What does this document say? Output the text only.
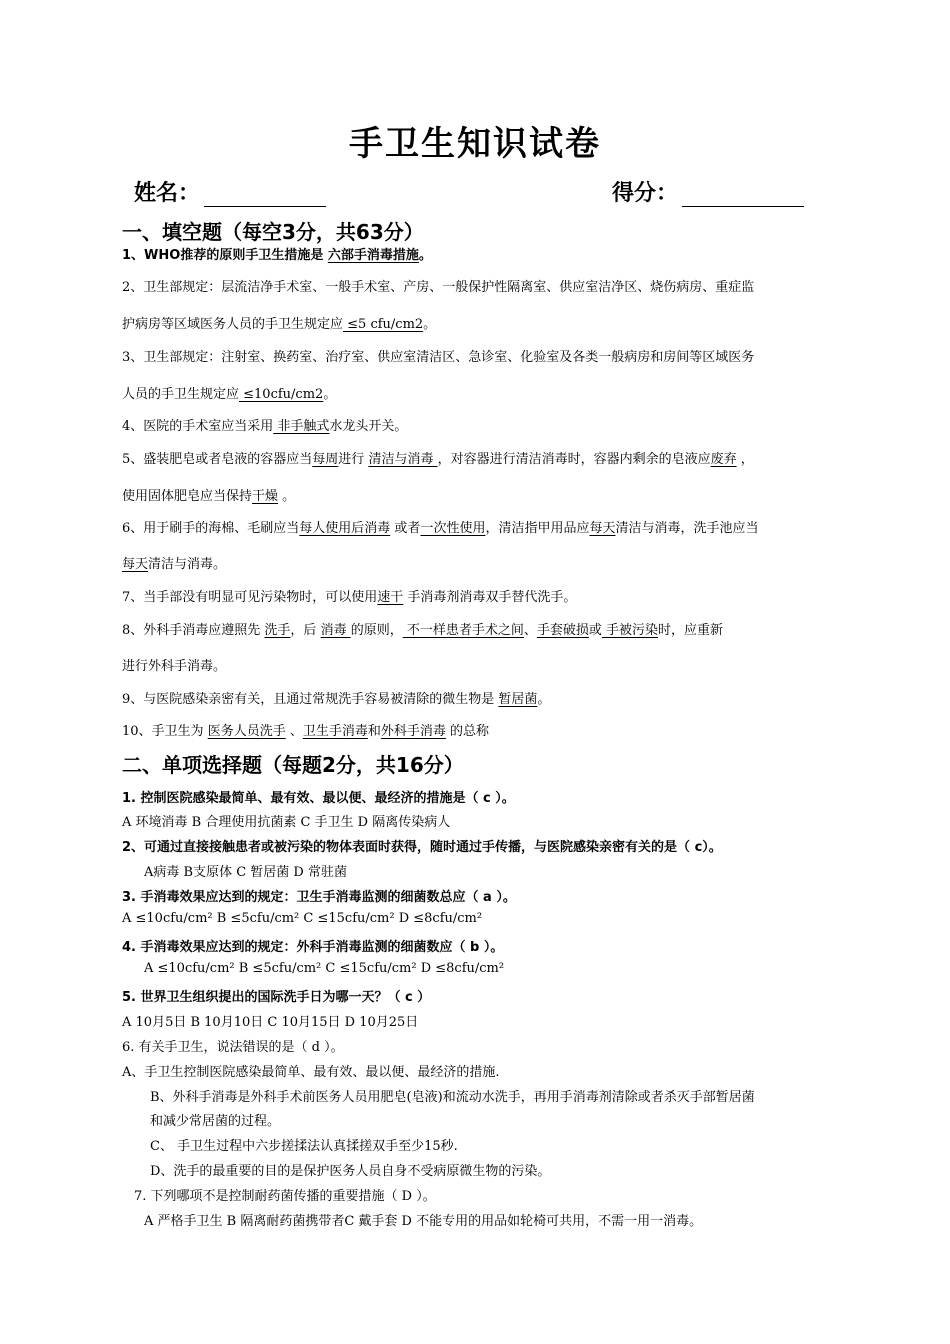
手卫生知识试卷
姓名：	得分：
一、填空题（每空3分，共63分）
1、WHO推荐的原则手卫生措施是 六部手消毒措施。
2、卫生部规定：层流洁净手术室、一般手术室、产房、一般保护性隔离室、供应室洁净区、烧伤病房、重症监
护病房等区域医务人员的手卫生规定应 ≤5 cfu/cm2。
3、卫生部规定：注射室、换药室、治疗室、供应室清洁区、急诊室、化验室及各类一般病房和房间等区域医务
人员的手卫生规定应 ≤10cfu/cm2。
4、医院的手术室应当采用 非手触式水龙头开关。
5、盛装肥皂或者皂液的容器应当每周进行 清洁与消毒 ，对容器进行清洁消毒时，容器内剩余的皂液应废弃 ，
使用固体肥皂应当保持干燥 。
6、用于刷手的海棉、毛刷应当每人使用后消毒 或者一次性使用，清洁指甲用品应每天清洁与消毒，洗手池应当
每天清洁与消毒。
7、当手部没有明显可见污染物时，可以使用速干 手消毒剂消毒双手替代洗手。
8、外科手消毒应遵照先 洗手，后 消毒 的原则， 不一样患者手术之间、手套破损或 手被污染时，应重新
进行外科手消毒。
9、与医院感染亲密有关，且通过常规洗手容易被清除的微生物是 暂居菌。
10、手卫生为 医务人员洗手 、卫生手消毒和外科手消毒 的总称
二、单项选择题（每题2分，共16分）
1. 控制医院感染最简单、最有效、最以便、最经济的措施是（ c ）。
A 环境消毒 B 合理使用抗菌素 C 手卫生 D 隔离传染病人
2、可通过直接接触患者或被污染的物体表面时获得，随时通过手传播，与医院感染亲密有关的是（ c）。
A病毒 B支原体 C 暂居菌 D 常驻菌
3. 手消毒效果应达到的规定：卫生手消毒监测的细菌数总应（ a ）。
A ≤10cfu/cm² B ≤5cfu/cm² C ≤15cfu/cm² D ≤8cfu/cm²
4. 手消毒效果应达到的规定：外科手消毒监测的细菌数应（ b ）。
A ≤10cfu/cm² B ≤5cfu/cm² C ≤15cfu/cm² D ≤8cfu/cm²
5. 世界卫生组织提出的国际洗手日为哪一天？（ c ）
A 10月5日 B 10月10日 C 10月15日 D 10月25日
6. 有关手卫生，说法错误的是（ d ）。
A、手卫生控制医院感染最简单、最有效、最以便、最经济的措施.
B、外科手消毒是外科手术前医务人员用肥皂(皂液)和流动水洗手，再用手消毒剂清除或者杀灭手部暂居菌
和减少常居菌的过程。
C、 手卫生过程中六步搓揉法认真揉搓双手至少15秒.
D、洗手的最重要的目的是保护医务人员自身不受病原微生物的污染。
7. 下列哪项不是控制耐药菌传播的重要措施（ D ）。
A 严格手卫生 B 隔离耐药菌携带者C 戴手套 D 不能专用的用品如轮椅可共用，不需一用一消毒。
